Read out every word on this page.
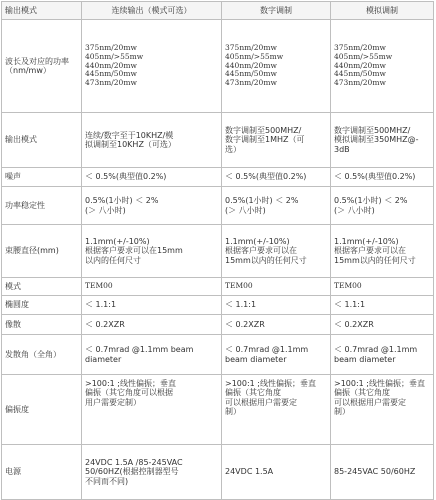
输出模式	连续输出（模式可选）	数字调制	模拟调制
波长及对应的功率（nm/mw）	375nm/20mw
405nm/>55mw
440nm/20mw
445nm/50mw
473nm/20mw	375nm/20mw
405nm/>55mw
440nm/20mw
445nm/50mw
473nm/20mw	375nm/20mw
405nm/>55mw
440nm/20mw
445nm/50mw
473nm/20mw

输出模式	连续/数字至于10KHZ/模
拟调制至10KHZ（可选）	数字调制至500MHZ/
数字调制至1MHZ（可
选）	数字调制至500MHZ/
模拟调制至350MHZ@-
3dB

噪声	＜ 0.5%(典型值0.2%)	＜ 0.5%(典型值0.2%)	＜ 0.5%(典型值0.2%)

功率稳定性	0.5%(1小时) ＜ 2%
(＞ 八小时)	0.5%(1小时) ＜ 2%
(＞ 八小时)	0.5%(1小时) ＜ 2%
(＞ 八小时)

束腰直径(mm)	1.1mm(+/-10%)
根据客户要求可以在15mm
以内的任何尺寸	1.1mm(+/-10%)
根据客户要求可以在
15mm以内的任何尺寸	1.1mm(+/-10%)
根据客户要求可以在
15mm以内的任何尺寸

模式	TEM00	TEM00	TEM00

椭圆度	＜ 1.1:1	＜ 1.1:1	＜ 1.1:1

像散	＜ 0.2XZR	＜ 0.2XZR	＜ 0.2XZR

发散角（全角）	＜ 0.7mrad @1.1mm beam
diameter	＜ 0.7mrad @1.1mm
beam diameter	＜ 0.7mrad @1.1mm
beam diameter

偏振度	>100:1 ;线性偏振；垂直
偏振（其它角度可以根据
用户需要定制）	>100:1 ;线性偏振；垂直
偏振（其它角度
可以根据用户需要定
制）	>100:1 ;线性偏振；垂直
偏振（其它角度
可以根据用户需要定
制）

电源	24VDC 1.5A /85-245VAC
50/60HZ(根据控制器型号
不同而不同)	24VDC 1.5A	85-245VAC 50/60HZ
